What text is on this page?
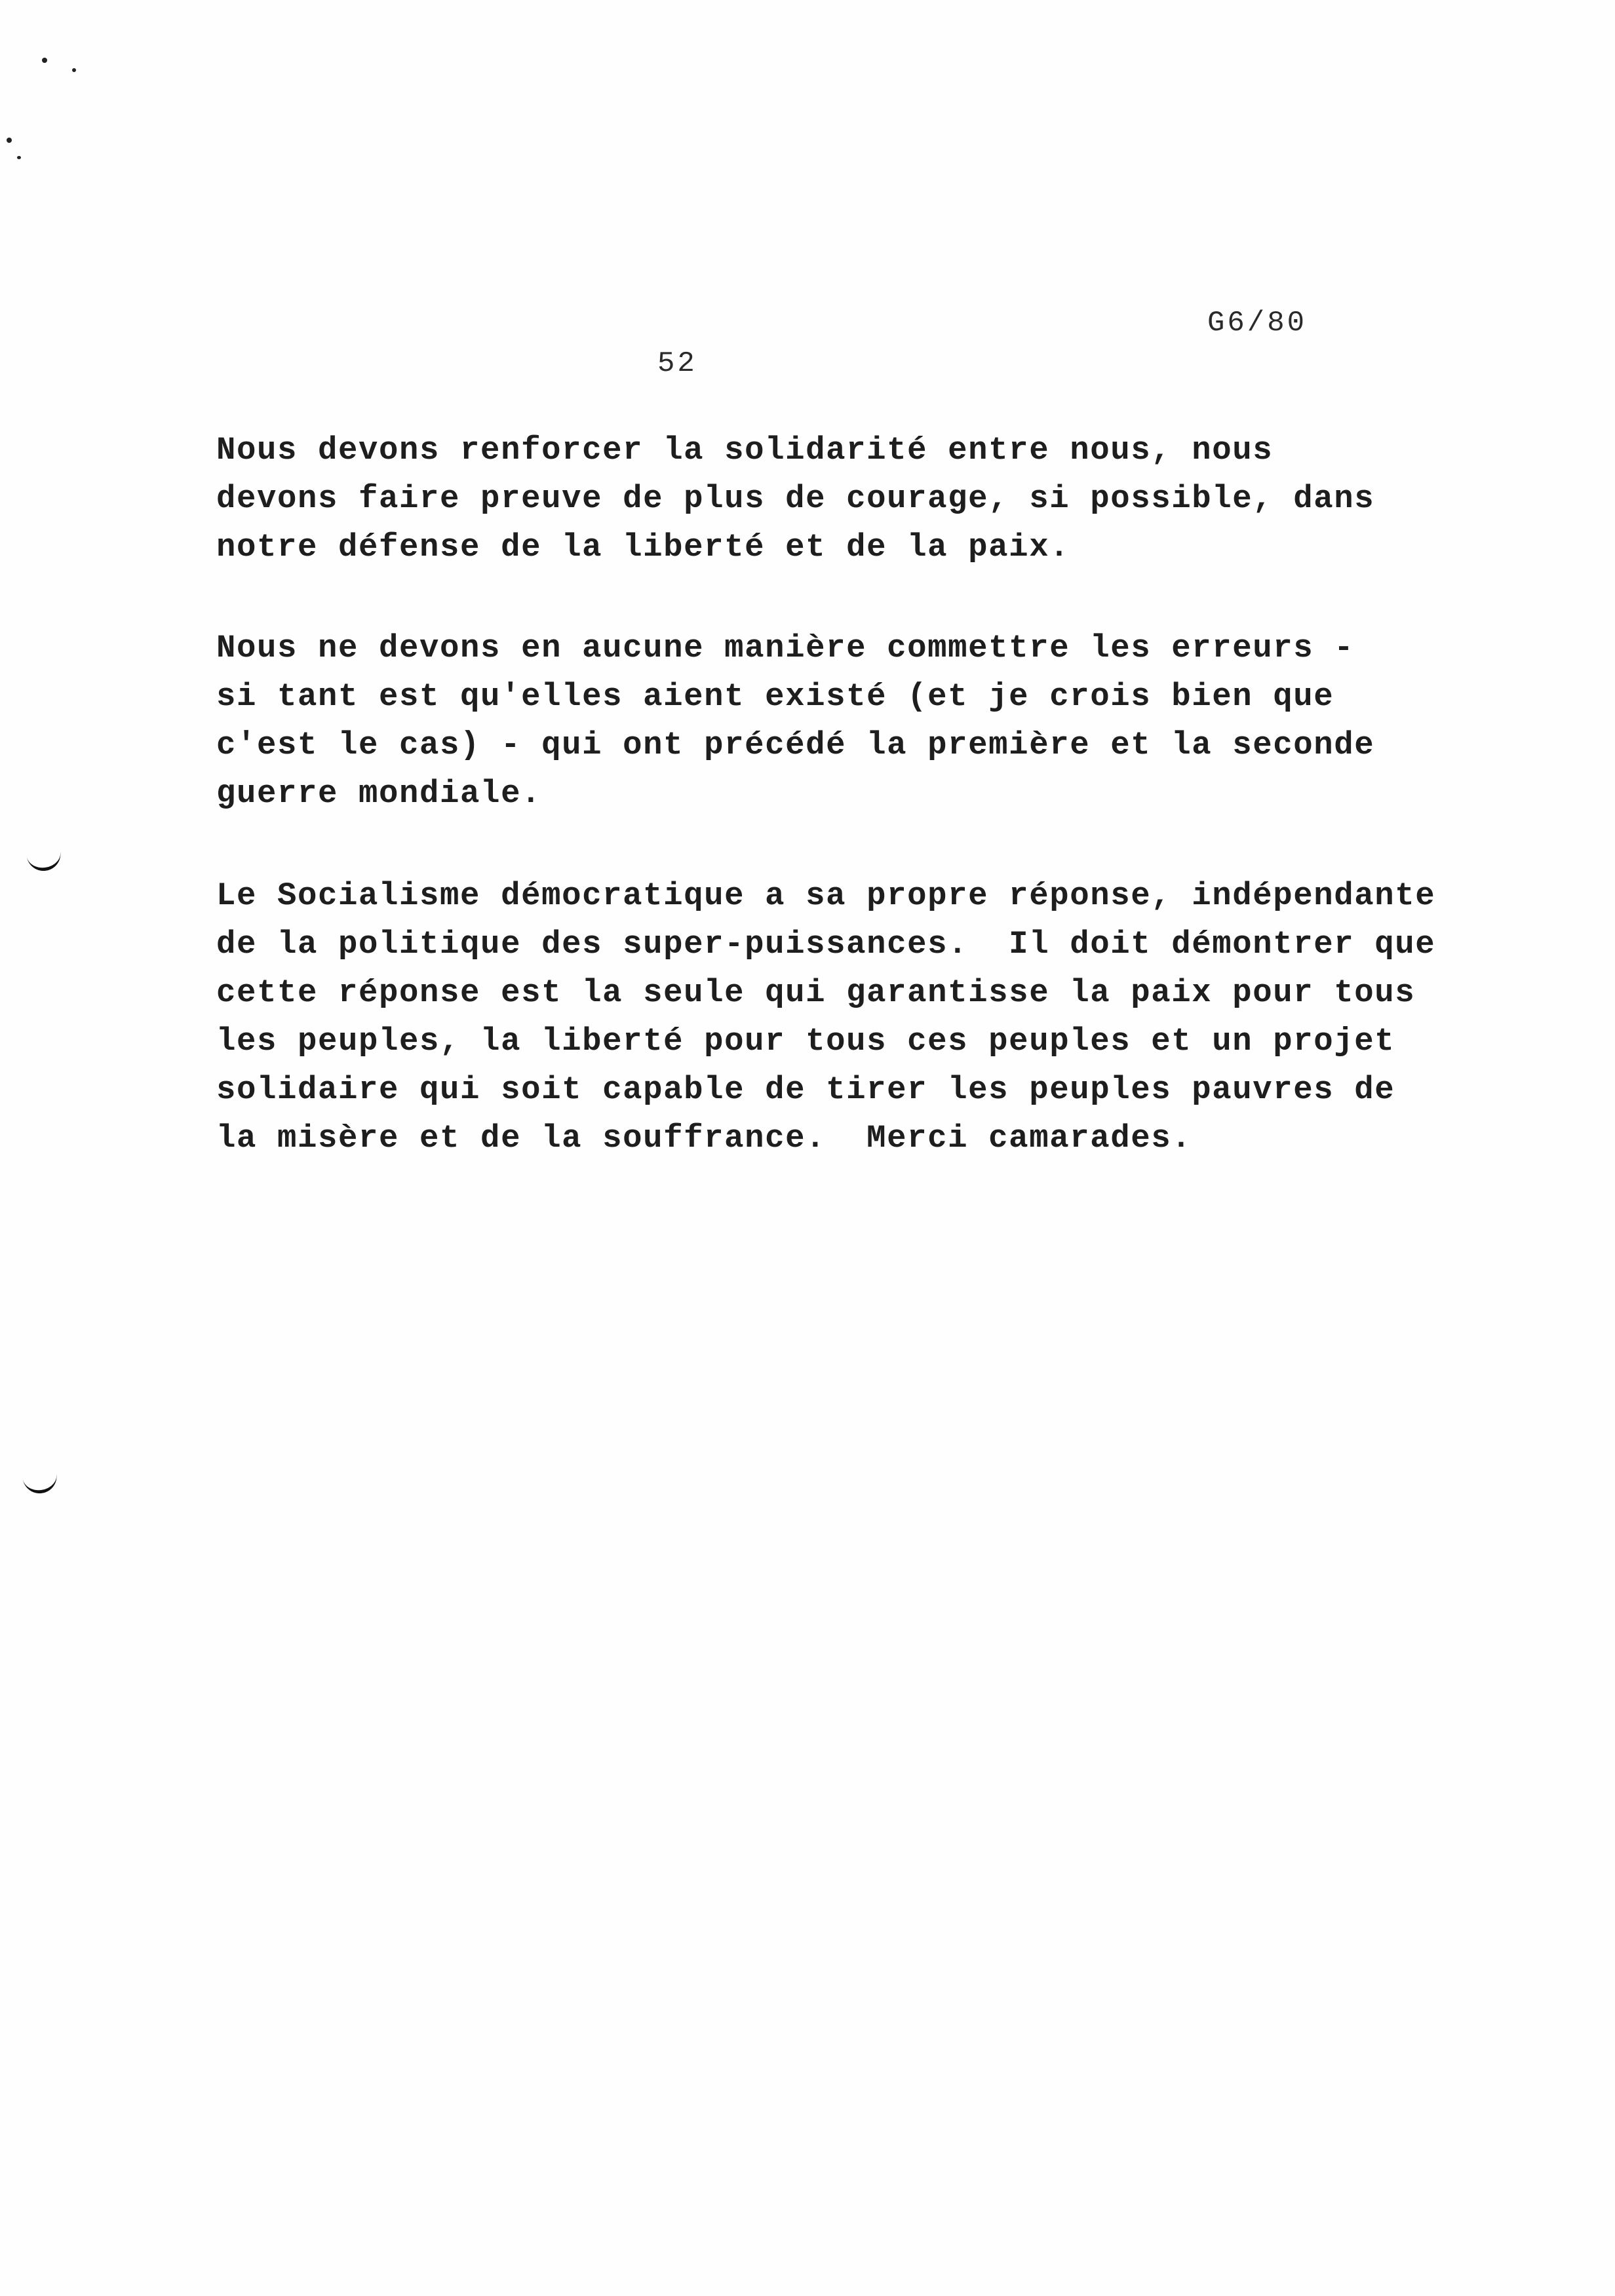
G6/80
52

Nous devons renforcer la solidarité entre nous, nous
devons faire preuve de plus de courage, si possible, dans
notre défense de la liberté et de la paix.

Nous ne devons en aucune manière commettre les erreurs -
si tant est qu'elles aient existé (et je crois bien que
c'est le cas) - qui ont précédé la première et la seconde
guerre mondiale.

Le Socialisme démocratique a sa propre réponse, indépendante
de la politique des super-puissances.  Il doit démontrer que
cette réponse est la seule qui garantisse la paix pour tous
les peuples, la liberté pour tous ces peuples et un projet
solidaire qui soit capable de tirer les peuples pauvres de
la misère et de la souffrance.  Merci camarades.
